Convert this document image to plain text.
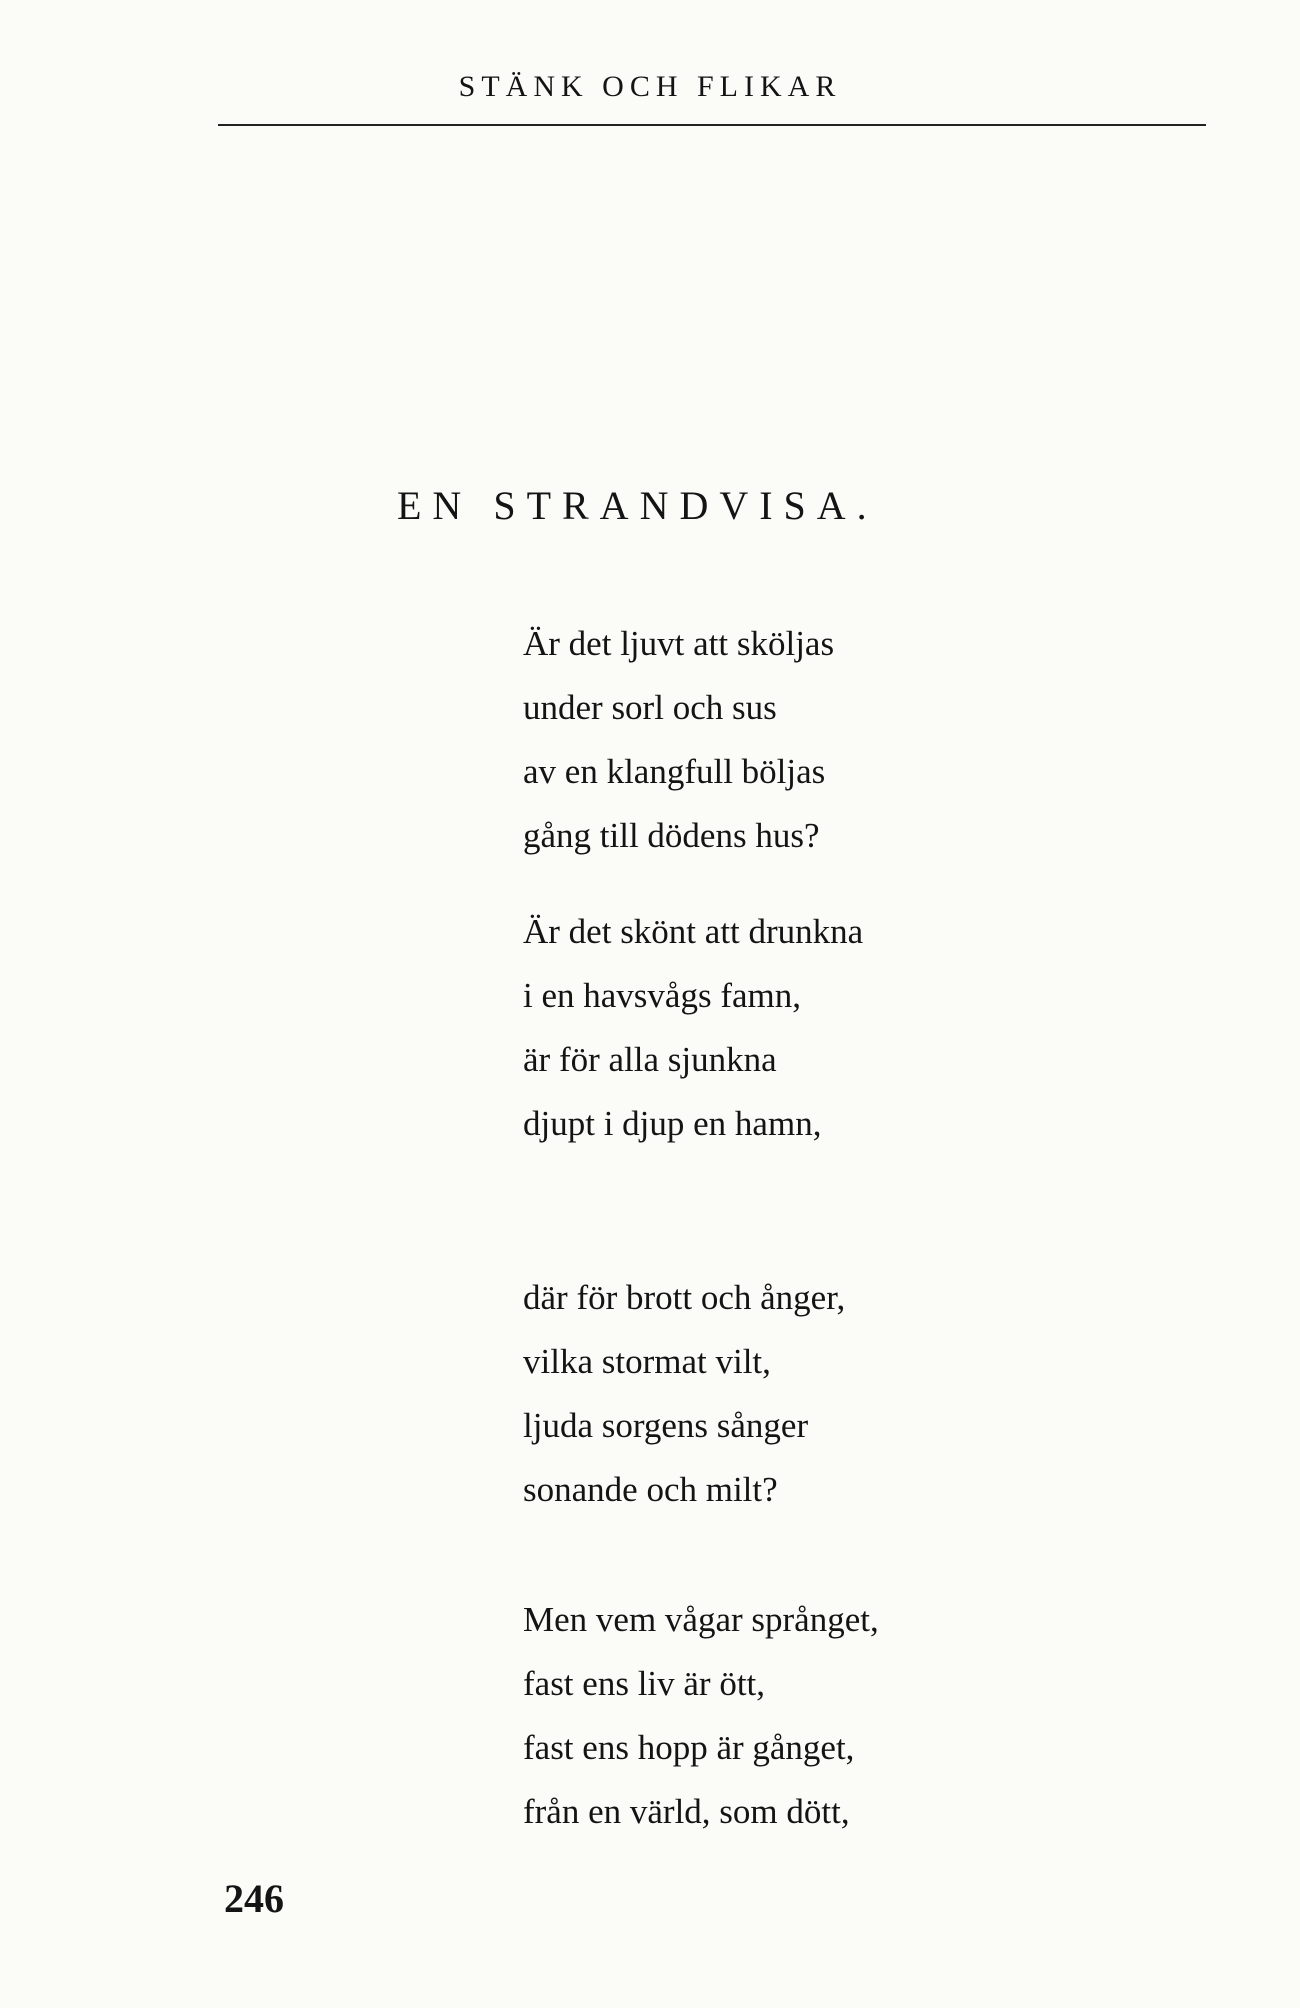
STÄNK OCH FLIKAR
EN STRANDVISA.
Är det ljuvt att sköljas
under sorl och sus
av en klangfull böljas
gång till dödens hus?
Är det skönt att drunkna
i en havsvågs famn,
är för alla sjunkna
djupt i djup en hamn,
där för brott och ånger,
vilka stormat vilt,
ljuda sorgens sånger
sonande och milt?
Men vem vågar språnget,
fast ens liv är ött,
fast ens hopp är gånget,
från en värld, som dött,
246
